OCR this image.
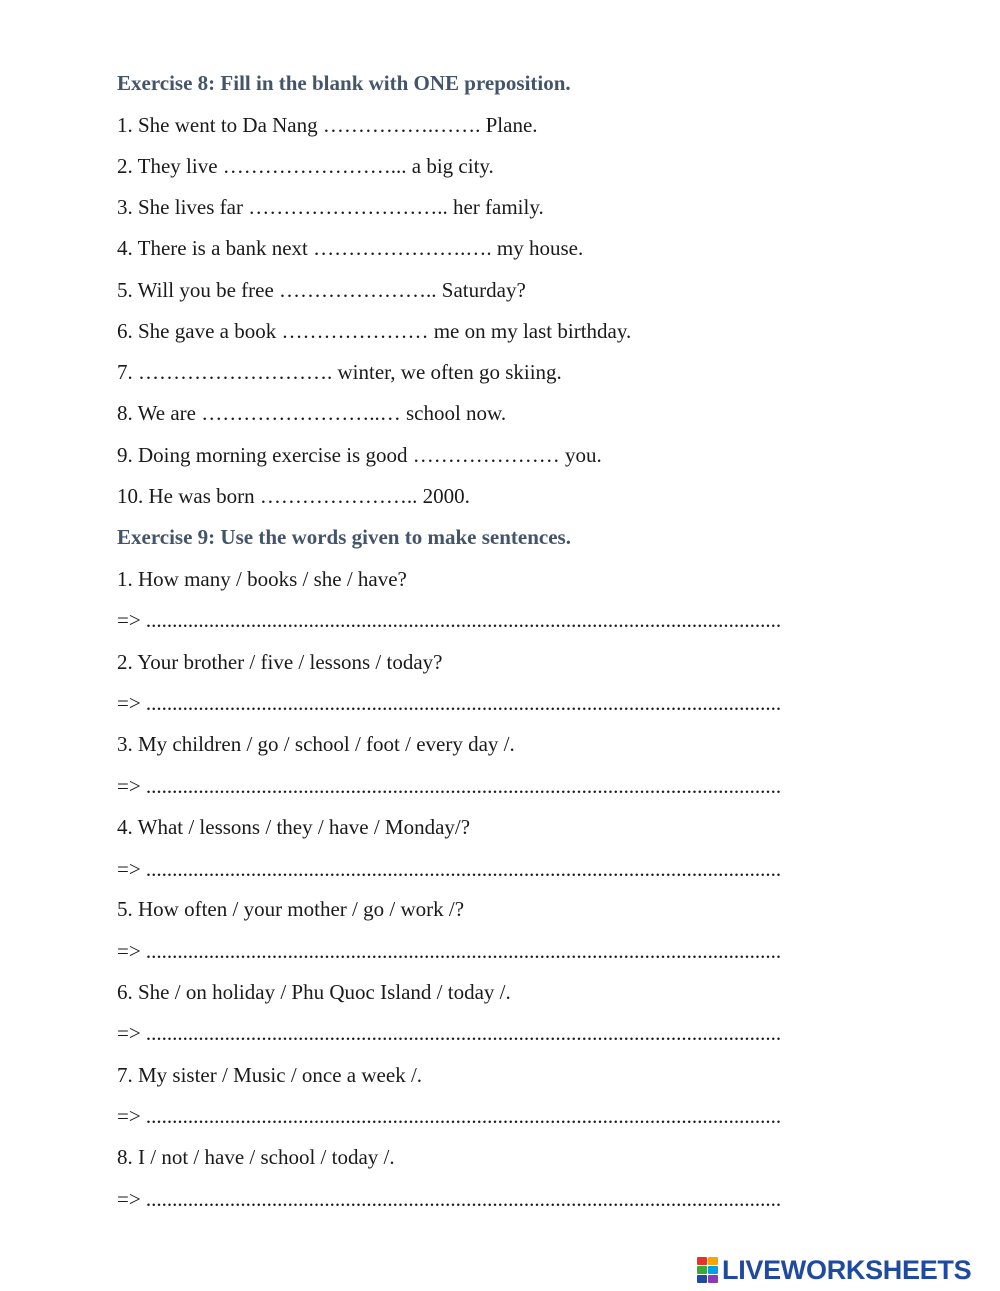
Exercise 8: Fill in the blank with ONE preposition.
1. She went to Da Nang …………….……. Plane.
2. They live ……………………... a big city.
3. She lives far ……………………….. her family.
4. There is a bank next ………………….…. my house.
5. Will you be free ………………….. Saturday?
6. She gave a book ………………… me on my last birthday.
7. ………………………. winter, we often go skiing.
8. We are ……………………..… school now.
9. Doing morning exercise is good ………………… you.
10. He was born ………………….. 2000.
Exercise 9: Use the words given to make sentences.
1. How many / books / she / have?
=> .........................................................................................................................
2. Your brother / five / lessons / today?
=> .........................................................................................................................
3. My children / go / school / foot / every day /.
=> .........................................................................................................................
4. What / lessons / they / have / Monday/?
=> .........................................................................................................................
5. How often / your mother / go / work /?
=> .........................................................................................................................
6. She / on holiday / Phu Quoc Island / today /.
=> .........................................................................................................................
7. My sister / Music / once a week /.
=> .........................................................................................................................
8. I / not / have / school / today /.
=> .........................................................................................................................
LIVEWORKSHEETS
